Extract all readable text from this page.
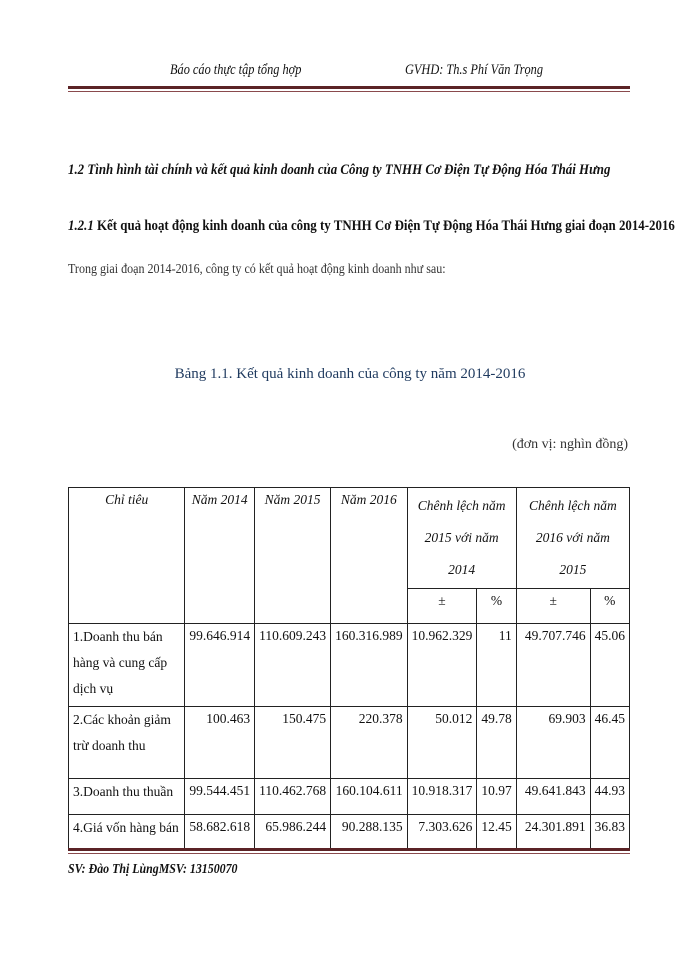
Báo cáo thực tập tổng hợp	GVHD: Th.s Phí Văn Trọng
1.2 Tình hình tài chính và kết quả kinh doanh của Công ty TNHH Cơ Điện Tự Động Hóa Thái Hưng
1.2.1 Kết quả hoạt động kinh doanh của công ty TNHH Cơ Điện Tự Động Hóa Thái Hưng giai đoạn 2014-2016
Trong giai đoạn 2014-2016, công ty có kết quả hoạt động kinh doanh như sau:
Bảng 1.1. Kết quả kinh doanh của công ty năm 2014-2016
(đơn vị: nghìn đồng)
Chỉ tiêu	Năm 2014	Năm 2015	Năm 2016	Chênh lệch năm 2015 với năm 2014		Chênh lệch năm 2016 với năm 2015	
				±	%	±	%
1.Doanh thu bán hàng và cung cấp dịch vụ	99.646.914	110.609.243	160.316.989	10.962.329	11	49.707.746	45.06
2.Các khoản giảm trừ doanh thu	100.463	150.475	220.378	50.012	49.78	69.903	46.45
3.Doanh thu thuần	99.544.451	110.462.768	160.104.611	10.918.317	10.97	49.641.843	44.93
4.Giá vốn hàng bán	58.682.618	65.986.244	90.288.135	7.303.626	12.45	24.301.891	36.83
SV: Đào Thị LùngMSV: 13150070
